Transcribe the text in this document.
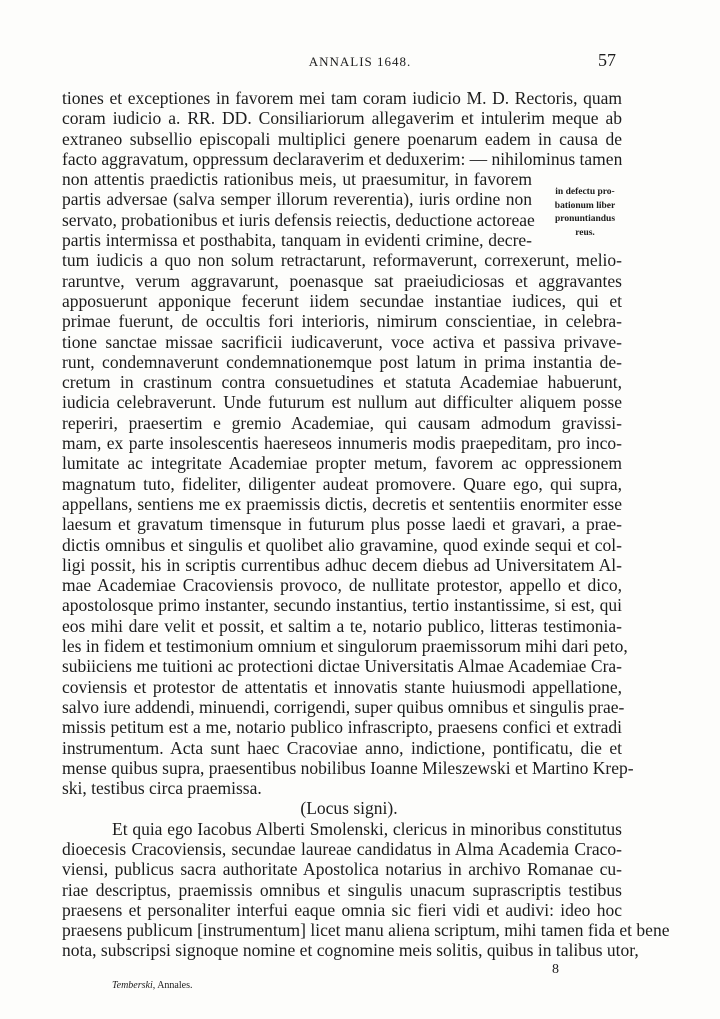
ANNALIS 1648.	57
in defectu pro-
bationum liber
pronuntiandus
reus.

tiones et exceptiones in favorem mei tam coram iudicio M. D. Rectoris, quam
coram iudicio a. RR. DD. Consiliariorum allegaverim et intulerim meque ab
extraneo subsellio episcopali multiplici genere poenarum eadem in causa de
facto aggravatum, oppressum declaraverim et deduxerim: — nihilominus tamen
non attentis praedictis rationibus meis, ut praesumitur, in favorem
partis adversae (salva semper illorum reverentia), iuris ordine non
servato, probationibus et iuris defensis reiectis, deductione actoreae
partis intermissa et posthabita, tanquam in evidenti crimine, decre-
tum iudicis a quo non solum retractarunt, reformaverunt, correxerunt, melio-
raruntve, verum aggravarunt, poenasque sat praeiudiciosas et aggravantes
apposuerunt apponique fecerunt iidem secundae instantiae iudices, qui et
primae fuerunt, de occultis fori interioris, nimirum conscientiae, in celebra-
tione sanctae missae sacrificii iudicaverunt, voce activa et passiva privave-
runt, condemnaverunt condemnationemque post latum in prima instantia de-
cretum in crastinum contra consuetudines et statuta Academiae habuerunt,
iudicia celebraverunt. Unde futurum est nullum aut difficulter aliquem posse
reperiri, praesertim e gremio Academiae, qui causam admodum gravissi-
mam, ex parte insolescentis haereseos innumeris modis praepeditam, pro inco-
lumitate ac integritate Academiae propter metum, favorem ac oppressionem
magnatum tuto, fideliter, diligenter audeat promovere. Quare ego, qui supra,
appellans, sentiens me ex praemissis dictis, decretis et sententiis enormiter esse
laesum et gravatum timensque in futurum plus posse laedi et gravari, a prae-
dictis omnibus et singulis et quolibet alio gravamine, quod exinde sequi et col-
ligi possit, his in scriptis currentibus adhuc decem diebus ad Universitatem Al-
mae Academiae Cracoviensis provoco, de nullitate protestor, appello et dico,
apostolosque primo instanter, secundo instantius, tertio instantissime, si est, qui
eos mihi dare velit et possit, et saltim a te, notario publico, litteras testimonia-
les in fidem et testimonium omnium et singulorum praemissorum mihi dari peto,
subiiciens me tuitioni ac protectioni dictae Universitatis Almae Academiae Cra-
coviensis et protestor de attentatis et innovatis stante huiusmodi appellatione,
salvo iure addendi, minuendi, corrigendi, super quibus omnibus et singulis prae-
missis petitum est a me, notario publico infrascripto, praesens confici et extradi
instrumentum. Acta sunt haec Cracoviae anno, indictione, pontificatu, die et
mense quibus supra, praesentibus nobilibus Ioanne Mileszewski et Martino Krep-
ski, testibus circa praemissa.

(Locus signi).

Et quia ego Iacobus Alberti Smolenski, clericus in minoribus constitutus
dioecesis Cracoviensis, secundae laureae candidatus in Alma Academia Craco-
viensi, publicus sacra authoritate Apostolica notarius in archivo Romanae cu-
riae descriptus, praemissis omnibus et singulis unacum suprascriptis testibus
praesens et personaliter interfui eaque omnia sic fieri vidi et audivi: ideo hoc
praesens publicum [instrumentum] licet manu aliena scriptum, mihi tamen fida et bene
nota, subscripsi signoque nomine et cognomine meis solitis, quibus in talibus utor,

8
Temberski, Annales.
